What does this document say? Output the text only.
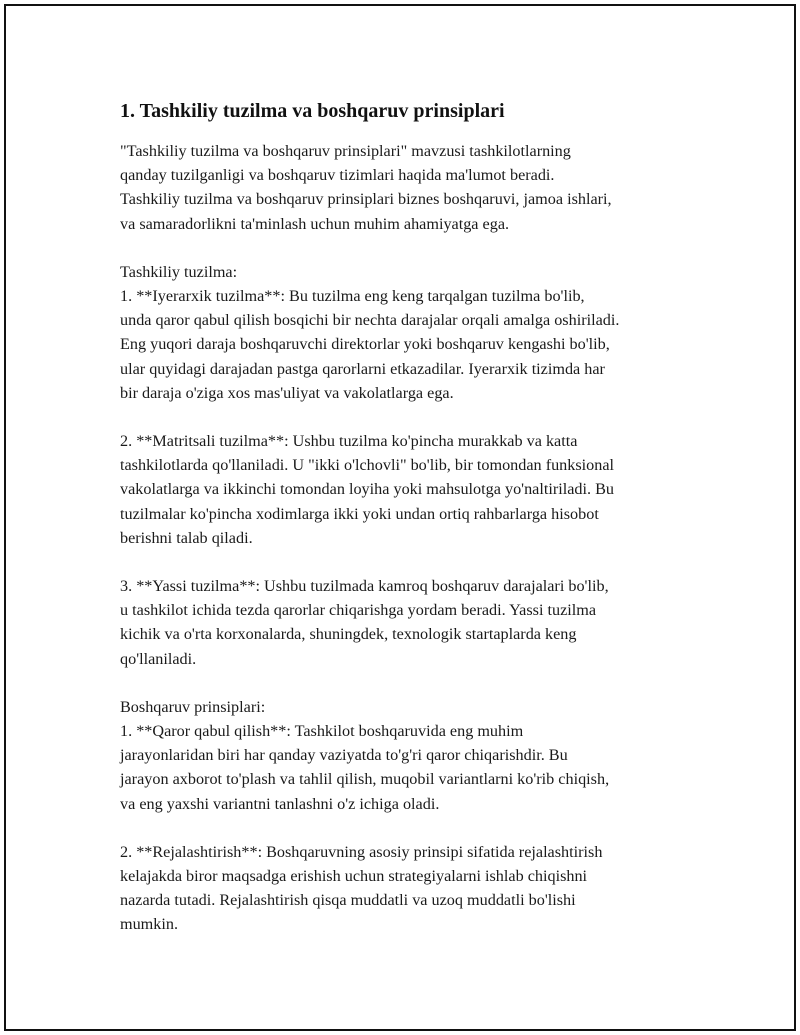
1. Tashkiliy tuzilma va boshqaruv prinsiplari

"Tashkiliy tuzilma va boshqaruv prinsiplari" mavzusi tashkilotlarning
qanday tuzilganligi va boshqaruv tizimlari haqida ma'lumot beradi.
Tashkiliy tuzilma va boshqaruv prinsiplari biznes boshqaruvi, jamoa ishlari,
va samaradorlikni ta'minlash uchun muhim ahamiyatga ega.

Tashkiliy tuzilma:
1. **Iyerarxik tuzilma**: Bu tuzilma eng keng tarqalgan tuzilma bo'lib,
unda qaror qabul qilish bosqichi bir nechta darajalar orqali amalga oshiriladi.
Eng yuqori daraja boshqaruvchi direktorlar yoki boshqaruv kengashi bo'lib,
ular quyidagi darajadan pastga qarorlarni etkazadilar. Iyerarxik tizimda har
bir daraja o'ziga xos mas'uliyat va vakolatlarga ega.

2. **Matritsali tuzilma**: Ushbu tuzilma ko'pincha murakkab va katta
tashkilotlarda qo'llaniladi. U "ikki o'lchovli" bo'lib, bir tomondan funksional
vakolatlarga va ikkinchi tomondan loyiha yoki mahsulotga yo'naltiriladi. Bu
tuzilmalar ko'pincha xodimlarga ikki yoki undan ortiq rahbarlarga hisobot
berishni talab qiladi.

3. **Yassi tuzilma**: Ushbu tuzilmada kamroq boshqaruv darajalari bo'lib,
u tashkilot ichida tezda qarorlar chiqarishga yordam beradi. Yassi tuzilma
kichik va o'rta korxonalarda, shuningdek, texnologik startaplarda keng
qo'llaniladi.

Boshqaruv prinsiplari:
1. **Qaror qabul qilish**: Tashkilot boshqaruvida eng muhim
jarayonlaridan biri har qanday vaziyatda to'g'ri qaror chiqarishdir. Bu
jarayon axborot to'plash va tahlil qilish, muqobil variantlarni ko'rib chiqish,
va eng yaxshi variantni tanlashni o'z ichiga oladi.

2. **Rejalashtirish**: Boshqaruvning asosiy prinsipi sifatida rejalashtirish
kelajakda biror maqsadga erishish uchun strategiyalarni ishlab chiqishni
nazarda tutadi. Rejalashtirish qisqa muddatli va uzoq muddatli bo'lishi
mumkin.
